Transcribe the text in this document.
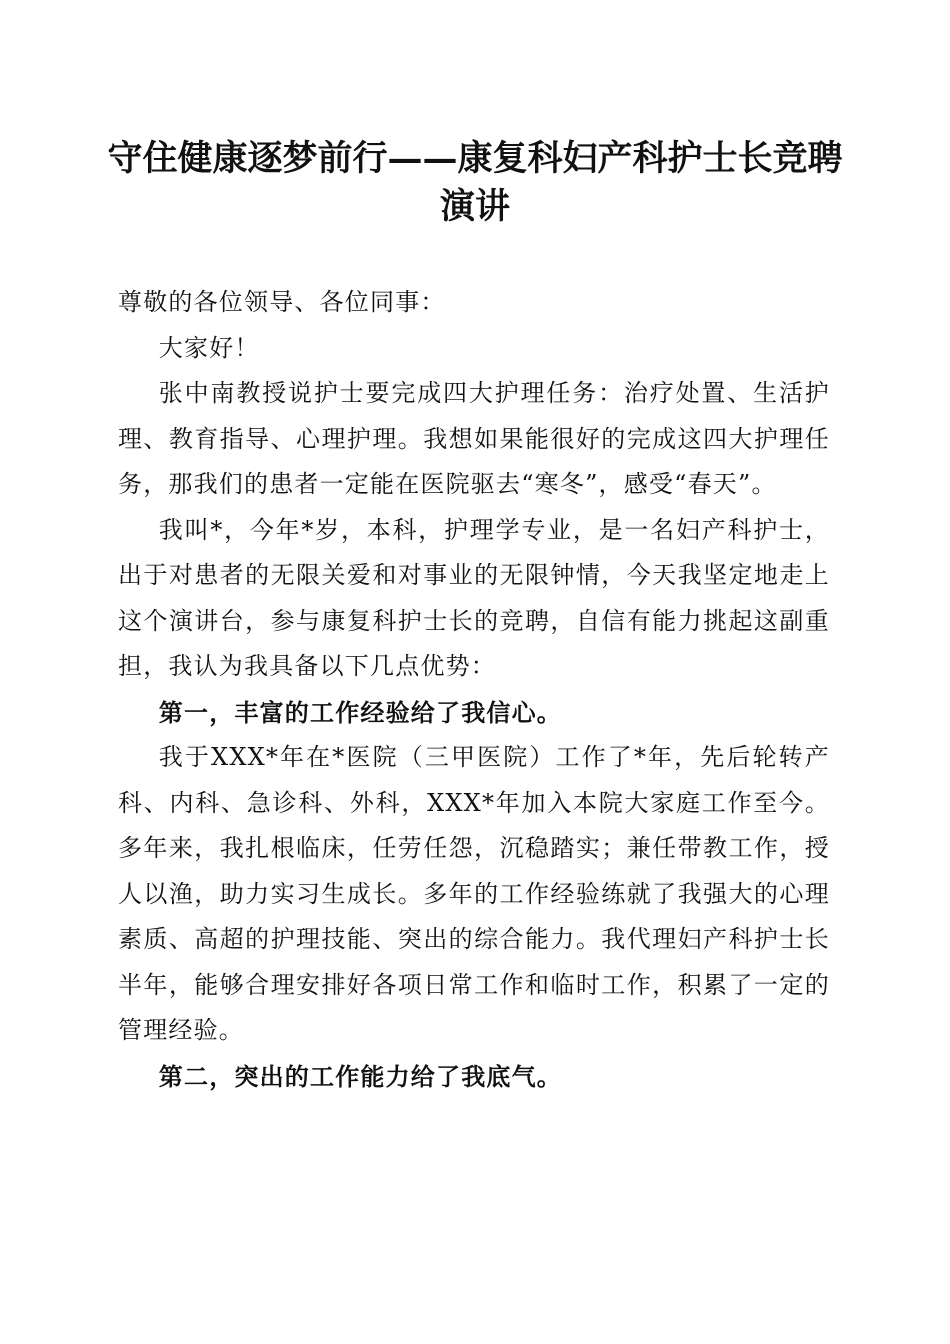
守住健康逐梦前行——康复科妇产科护士长竞聘演讲

尊敬的各位领导、各位同事：

大家好！

张中南教授说护士要完成四大护理任务：治疗处置、生活护理、教育指导、心理护理。我想如果能很好的完成这四大护理任务，那我们的患者一定能在医院驱去“寒冬”，感受“春天”。

我叫*，今年*岁，本科，护理学专业，是一名妇产科护士，出于对患者的无限关爱和对事业的无限钟情，今天我坚定地走上这个演讲台，参与康复科护士长的竞聘，自信有能力挑起这副重担，我认为我具备以下几点优势：

第一，丰富的工作经验给了我信心。

我于XXX*年在*医院（三甲医院）工作了*年，先后轮转产科、内科、急诊科、外科，XXX*年加入本院大家庭工作至今。多年来，我扎根临床，任劳任怨，沉稳踏实；兼任带教工作，授人以渔，助力实习生成长。多年的工作经验练就了我强大的心理素质、高超的护理技能、突出的综合能力。我代理妇产科护士长半年，能够合理安排好各项日常工作和临时工作，积累了一定的管理经验。

第二，突出的工作能力给了我底气。
